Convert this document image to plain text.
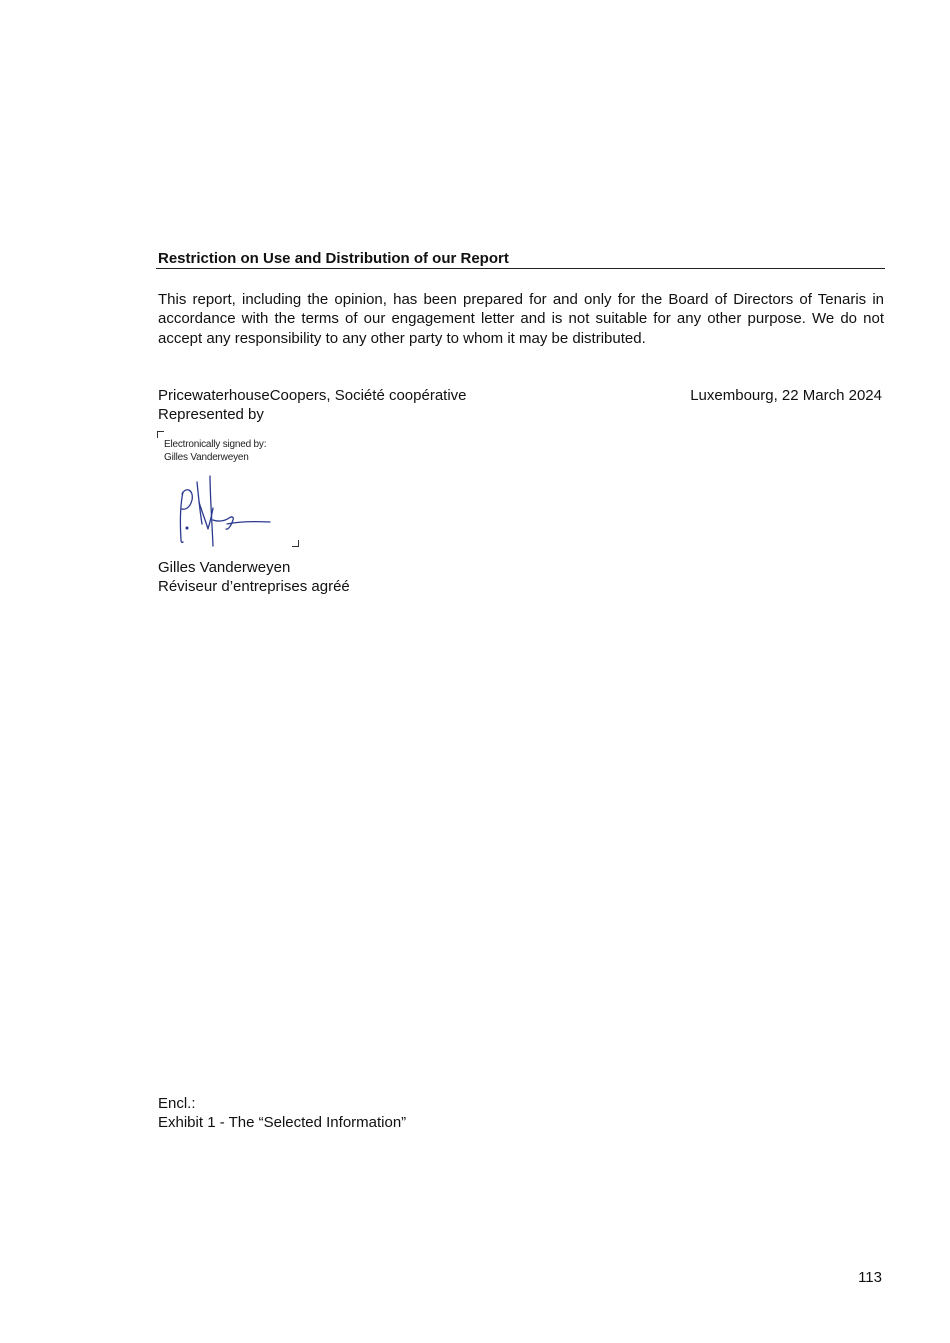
Restriction on Use and Distribution of our Report

This report, including the opinion, has been prepared for and only for the Board of Directors of Tenaris in accordance with the terms of our engagement letter and is not suitable for any other purpose. We do not accept any responsibility to any other party to whom it may be distributed.

PricewaterhouseCoopers, Société coopérative

Represented by

Luxembourg, 22 March 2024

Electronically signed by:
Gilles Vanderweyen

Gilles Vanderweyen

Réviseur d’entreprises agréé

Encl.:

Exhibit 1 - The “Selected Information”

113
